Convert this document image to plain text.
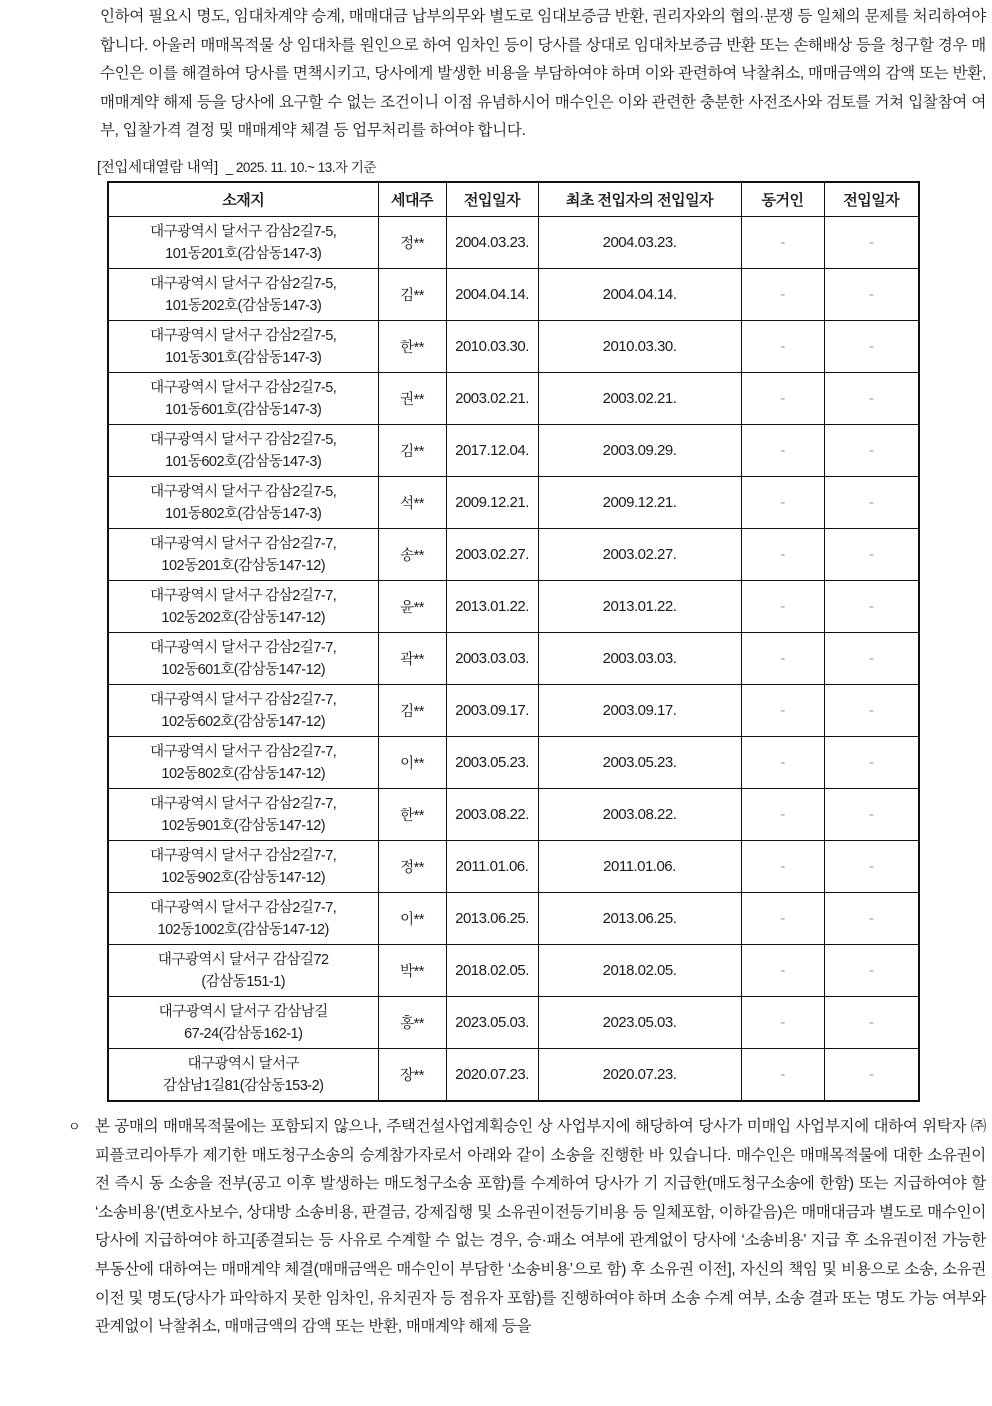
인하여 필요시 명도, 임대차계약 승계, 매매대금 납부의무와 별도로 임대보증금 반환, 권리자와의 협의·분쟁 등 일체의 문제를 처리하여야 합니다. 아울러 매매목적물 상 임대차를 원인으로 하여 임차인 등이 당사를 상대로 임대차보증금 반환 또는 손해배상 등을 청구할 경우 매수인은 이를 해결하여 당사를 면책시키고, 당사에게 발생한 비용을 부담하여야 하며 이와 관련하여 낙찰취소, 매매금액의 감액 또는 반환, 매매계약 해제 등을 당사에 요구할 수 없는 조건이니 이점 유념하시어 매수인은 이와 관련한 충분한 사전조사와 검토를 거쳐 입찰참여 여부, 입찰가격 결정 및 매매계약 체결 등 업무처리를 하여야 합니다.

[전입세대열람 내역] _ 2025. 11. 10.~ 13.자 기준

소재지	세대주	전입일자	최초 전입자의 전입일자	동거인	전입일자

대구광역시 달서구 감삼2길7-5,
101동201호(감삼동147-3)	정**	2004.03.23.	2004.03.23.	-	-

대구광역시 달서구 감삼2길7-5,
101동202호(감삼동147-3)	김**	2004.04.14.	2004.04.14.	-	-

대구광역시 달서구 감삼2길7-5,
101동301호(감삼동147-3)	한**	2010.03.30.	2010.03.30.	-	-

대구광역시 달서구 감삼2길7-5,
101동601호(감삼동147-3)	권**	2003.02.21.	2003.02.21.	-	-

대구광역시 달서구 감삼2길7-5,
101동602호(감삼동147-3)	김**	2017.12.04.	2003.09.29.	-	-

대구광역시 달서구 감삼2길7-5,
101동802호(감삼동147-3)	석**	2009.12.21.	2009.12.21.	-	-

대구광역시 달서구 감삼2길7-7,
102동201호(감삼동147-12)	송**	2003.02.27.	2003.02.27.	-	-

대구광역시 달서구 감삼2길7-7,
102동202호(감삼동147-12)	윤**	2013.01.22.	2013.01.22.	-	-

대구광역시 달서구 감삼2길7-7,
102동601호(감삼동147-12)	곽**	2003.03.03.	2003.03.03.	-	-

대구광역시 달서구 감삼2길7-7,
102동602호(감삼동147-12)	김**	2003.09.17.	2003.09.17.	-	-

대구광역시 달서구 감삼2길7-7,
102동802호(감삼동147-12)	이**	2003.05.23.	2003.05.23.	-	-

대구광역시 달서구 감삼2길7-7,
102동901호(감삼동147-12)	한**	2003.08.22.	2003.08.22.	-	-

대구광역시 달서구 감삼2길7-7,
102동902호(감삼동147-12)	정**	2011.01.06.	2011.01.06.	-	-

대구광역시 달서구 감삼2길7-7,
102동1002호(감삼동147-12)	이**	2013.06.25.	2013.06.25.	-	-

대구광역시 달서구 감삼길72
(감삼동151-1)	박**	2018.02.05.	2018.02.05.	-	-

대구광역시 달서구 감삼남길
67-24(감삼동162-1)	홍**	2023.05.03.	2023.05.03.	-	-

대구광역시 달서구
감삼남1길81(감삼동153-2)	장**	2020.07.23.	2020.07.23.	-	-

ㅇ 본 공매의 매매목적물에는 포함되지 않으나, 주택건설사업계획승인 상 사업부지에 해당하여 당사가 미매입 사업부지에 대하여 위탁자 ㈜피플코리아투가 제기한 매도청구소송의 승계참가자로서 아래와 같이 소송을 진행한 바 있습니다. 매수인은 매매목적물에 대한 소유권이전 즉시 동 소송을 전부(공고 이후 발생하는 매도청구소송 포함)를 수계하여 당사가 기 지급한(매도청구소송에 한함) 또는 지급하여야 할 ‘소송비용’(변호사보수, 상대방 소송비용, 판결금, 강제집행 및 소유권이전등기비용 등 일체포함, 이하같음)은 매매대금과 별도로 매수인이 당사에 지급하여야 하고[종결되는 등 사유로 수계할 수 없는 경우, 승·패소 여부에 관계없이 당사에 ‘소송비용’ 지급 후 소유권이전 가능한 부동산에 대하여는 매매계약 체결(매매금액은 매수인이 부담한 ‘소송비용’으로 함) 후 소유권 이전], 자신의 책임 및 비용으로 소송, 소유권이전 및 명도(당사가 파악하지 못한 임차인, 유치권자 등 점유자 포함)를 진행하여야 하며 소송 수계 여부, 소송 결과 또는 명도 가능 여부와 관계없이 낙찰취소, 매매금액의 감액 또는 반환, 매매계약 해제 등을
